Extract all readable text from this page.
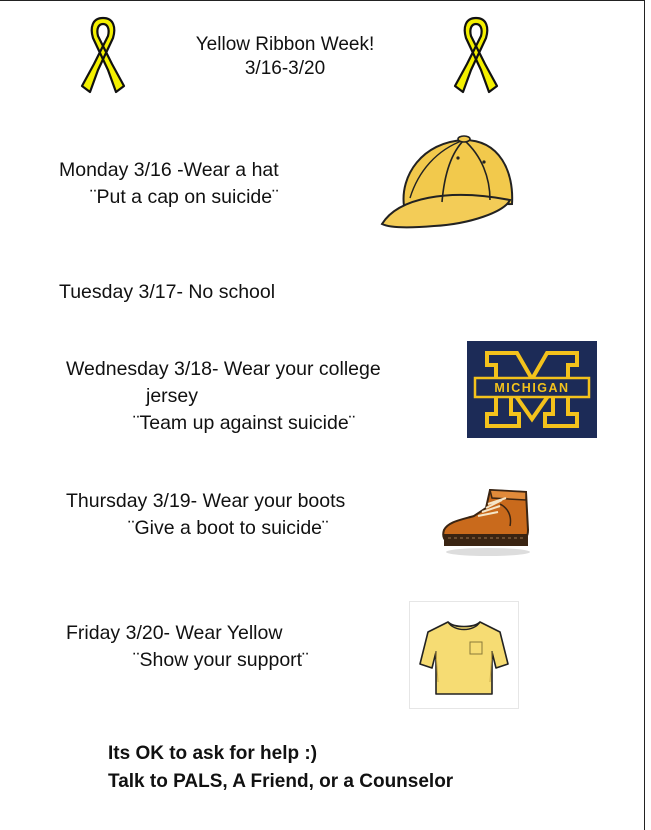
Yellow Ribbon Week!
3/16-3/20
Monday 3/16 -Wear a hat
¨Put a cap on suicide¨
Tuesday 3/17- No school
Wednesday 3/18- Wear your college
jersey
¨Team up against suicide¨
MICHIGAN
Thursday 3/19- Wear your boots
¨Give a boot to suicide¨
Friday 3/20- Wear Yellow
¨Show your support¨
Its OK to ask for help :)
Talk to PALS, A Friend, or a Counselor
